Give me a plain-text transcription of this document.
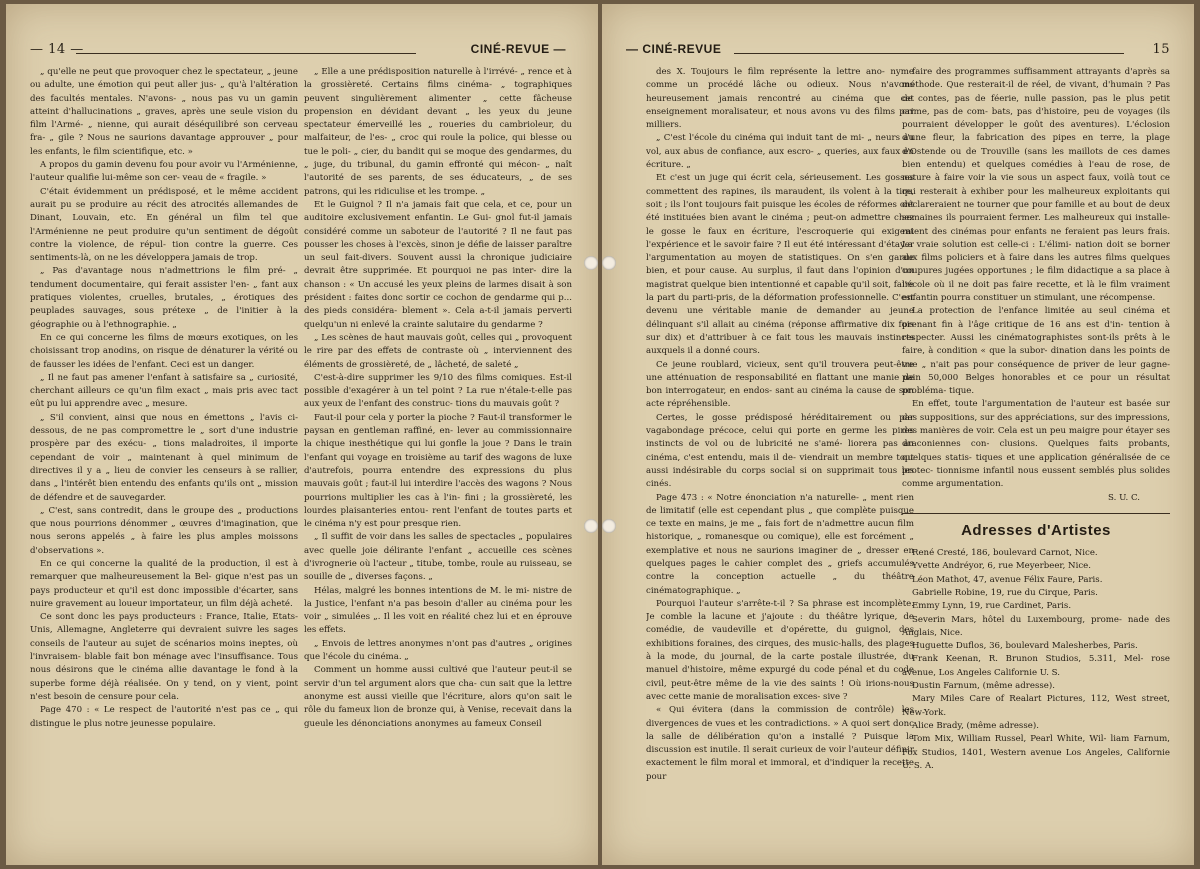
— 14 —	CINÉ-REVUE —

„ qu'elle ne peut que provoquer chez le spectateur, „ jeune ou adulte, une émotion qui peut aller jus- „ qu'à l'altération des facultés mentales. N'avons- „ nous pas vu un gamin atteint d'hallucinations „ graves, après une seule vision du film l'Armé- „ nienne, qui aurait déséquilibré son cerveau fra- „ gile ? Nous ne saurions davantage approuver „ pour les enfants, le film scientifique, etc. »

A propos du gamin devenu fou pour avoir vu l'Arménienne, l'auteur qualifie lui-même son cer- veau de « fragile. »

C'était évidemment un prédisposé, et le même accident aurait pu se produire au récit des atrocités allemandes de Dinant, Louvain, etc. En général un film tel que l'Arménienne ne peut produire qu'un sentiment de dégoût contre la violence, de répul- tion contre la guerre. Ces sentiments-là, on ne les développera jamais de trop.

„ Pas d'avantage nous n'admettrions le film pré- „ tendument documentaire, qui ferait assister l'en- „ fant aux pratiques violentes, cruelles, brutales, „ érotiques des peuplades sauvages, sous prétexe „ de l'initier à la géographie ou à l'ethnographie. „

En ce qui concerne les films de mœurs exotiques, on les choisissant trop anodins, on risque de dénaturer la vérité ou de fausser les idées de l'enfant. Ceci est un danger.

„ Il ne faut pas amener l'enfant à satisfaire sa „ curiosité, cherchant ailleurs ce qu'un film exact „ mais pris avec tact eût pu lui apprendre avec „ mesure.

„ S'il convient, ainsi que nous en émettons „ l'avis ci-dessous, de ne pas compromettre le „ sort d'une industrie prospère par des exécu- „ tions maladroites, il importe cependant de voir „ maintenant à quel minimum de directives il y a „ lieu de convier les censeurs à se rallier, dans „ l'intérêt bien entendu des enfants qu'ils ont „ mission de défendre et de sauvegarder.

„ C'est, sans contredit, dans le groupe des „ productions que nous pourrions dénommer „ œuvres d'imagination, que nous serons appelés „ à faire les plus amples moissons d'observations ».

En ce qui concerne la qualité de la production, il est à remarquer que malheureusement la Bel- gique n'est pas un pays producteur et qu'il est donc impossible d'écarter, sans nuire gravement au loueur importateur, un film déjà acheté.

Ce sont donc les pays producteurs : France, Italie, Etats-Unis, Allemagne, Angleterre qui devraient suivre les sages conseils de l'auteur au sujet de scénarios moins ineptes, où l'invraisem- blable fait bon ménage avec l'insuffisance. Tous nous désirons que le cinéma allie davantage le fond à la superbe forme déjà réalisée. On y tend, on y vient, point n'est besoin de censure pour cela.

Page 470 : « Le respect de l'autorité n'est pas ce „ qui distingue le plus notre jeunesse populaire.

„ Elle a une prédisposition naturelle à l'irrévé- „ rence et à la grossièreté. Certains films cinéma- „ tographiques peuvent singulièrement alimenter „ cette fâcheuse propension en dévidant devant „ les yeux du jeune spectateur émerveillé les „ roueries du cambrioleur, du malfaiteur, de l'es- „ croc qui roule la police, qui blesse ou tue le poli- „ cier, du bandit qui se moque des gendarmes, du „ juge, du tribunal, du gamin effronté qui mécon- „ naît l'autorité de ses parents, de ses éducateurs, „ de ses patrons, qui les ridiculise et les trompe. „

Et le Guignol ? Il n'a jamais fait que cela, et ce, pour un auditoire exclusivement enfantin. Le Gui- gnol fut-il jamais considéré comme un saboteur de l'autorité ? Il ne faut pas pousser les choses à l'excès, sinon je défie de laisser paraître un seul fait-divers. Souvent aussi la chronique judiciaire devrait être supprimée. Et pourquoi ne pas inter- dire la chanson : « Un accusé les yeux pleins de larmes disait à son président : faites donc sortir ce cochon de gendarme qui p... des pieds considéra- blement ». Cela a-t-il jamais perverti quelqu'un ni enlevé la crainte salutaire du gendarme ?

„ Les scènes de haut mauvais goût, celles qui „ provoquent le rire par des effets de contraste où „ interviennent des éléments de grossièreté, de „ lâcheté, de saleté „

C'est-à-dire supprimer les 9/10 des films comiques. Est-il possible d'exagérer à un tel point ? La rue n'étale-t-elle pas aux yeux de l'enfant des construc- tions du mauvais goût ?

Faut-il pour cela y porter la pioche ? Faut-il transformer le paysan en gentleman raffiné, en- lever au commissionnaire la chique inesthétique qui lui gonfle la joue ? Dans le train l'enfant qui voyage en troisième au tarif des wagons de luxe d'autrefois, pourra entendre des expressions du plus mauvais goût ; faut-il lui interdire l'accès des wagons ? Nous pourrions multiplier les cas à l'in- fini ; la grossièreté, les lourdes plaisanteries entou- rent l'enfant de toutes parts et le cinéma n'y est pour presque rien.

„ Il suffit de voir dans les salles de spectacles „ populaires avec quelle joie délirante l'enfant „ accueille ces scènes d'ivrognerie où l'acteur „ titube, tombe, roule au ruisseau, se souille de „ diverses façons. „

Hélas, malgré les bonnes intentions de M. le mi- nistre de la Justice, l'enfant n'a pas besoin d'aller au cinéma pour les voir „ simulées „. Il les voit en réalité chez lui et en éprouve les effets.

„ Envois de lettres anonymes n'ont pas d'autres „ origines que l'école du cinéma. „

Comment un homme aussi cultivé que l'auteur peut-il se servir d'un tel argument alors que cha- cun sait que la lettre anonyme est aussi vieille que l'écriture, alors qu'on sait le rôle du fameux lion de bronze qui, à Venise, recevait dans la gueule les dénonciations anonymes au fameux Conseil

— CINÉ-REVUE	15

des X. Toujours le film représente la lettre ano- nyme comme un procédé lâche ou odieux. Nous n'avons heureusement jamais rencontré au cinéma que cet enseignement moralisateur, et nous avons vu des films par milliers.

„ C'est l'école du cinéma qui induit tant de mi- „ neurs au vol, aux abus de confiance, aux escro- „ queries, aux faux en écriture. „

Et c'est un juge qui écrit cela, sérieusement. Les gosses commettent des rapines, ils maraudent, ils volent à la tire, soit ; ils l'ont toujours fait puisque les écoles de réformes ont été instituées bien avant le cinéma ; peut-on admettre chez le gosse le faux en écriture, l'escroquerie qui exigent l'expérience et le savoir faire ? Il eut été intéressant d'étayer l'argumentation au moyen de statistiques. On s'en garde bien, et pour cause. Au surplus, il faut dans l'opinion d'un magistrat quelque bien intentionné et capable qu'il soit, faire la part du parti-pris, de la déformation professionnelle. C'est devenu une véritable manie de demander au jeune délinquant s'il allait au cinéma (réponse affirmative dix fois sur dix) et d'attribuer à ce fait tous les mauvais instincts auxquels il a donné cours.

Ce jeune roublard, vicieux, sent qu'il trouvera peut-être une atténuation de responsabilité en flattant une manie de bon interrogateur, en endos- sant au cinéma la cause de son acte répréhensible.

Certes, le gosse prédisposé héréditairement ou par vagabondage précoce, celui qui porte en germe les pires instincts de vol ou de lubricité ne s'amé- liorera pas au cinéma, c'est entendu, mais il de- viendrait un membre tout aussi indésirable du corps social si on supprimait tous les cinés.

Page 473 : « Notre énonciation n'a naturelle- „ ment rien de limitatif (elle est cependant plus „ que complète puisque ce texte en mains, je me „ fais fort de n'admettre aucun film historique, „ romanesque ou comique), elle est forcément „ exemplative et nous ne saurions imaginer de „ dresser en quelques pages le cahier complet des „ griefs accumulés contre la conception actuelle „ du théâtre cinématographique. „

Pourquoi l'auteur s'arrête-t-il ? Sa phrase est incomplète. Je comble la lacune et j'ajoute : du théâtre lyrique, de comédie, de vaudeville et d'opérette, du guignol, des exhibitions foraines, des cirques, des music-halls, des plages à la mode, du journal, de la carte postale illustrée, du manuel d'histoire, même expurgé du code pénal et du code civil, peut-être même de la vie des saints ! Où irions-nous avec cette manie de moralisation exces- sive ?

« Qui évitera (dans la commission de contrôle) les divergences de vues et les contradictions. » A quoi sert donc la salle de délibération qu'on a installé ? Puisque la discussion est inutile. Il serait curieux de voir l'auteur définir exactement le film moral et immoral, et d'indiquer la recette pour

faire des programmes suffisamment attrayants d'après sa méthode. Que resterait-il de réel, de vivant, d'humain ? Pas de contes, pas de féerie, nulle passion, pas le plus petit crime, pas de com- bats, pas d'histoire, peu de voyages (ils pourraient développer le goût des aventures). L'éclosion d'une fleur, la fabrication des pipes en terre, la plage d'Ostende ou de Trouville (sans les maillots de ces dames bien entendu) et quelques comédies à l'eau de rose, de nature à faire voir la vie sous un aspect faux, voilà tout ce qui resterait à exhiber pour les malheureux exploitants qui déclareraient ne tourner que pour famille et au bout de deux semaines ils pourraient fermer. Les malheureux qui installe- raient des cinémas pour enfants ne feraient pas leurs frais. La vraie solution est celle-ci : L'élimi- nation doit se borner aux films policiers et à faire dans les autres films quelques coupures jugées opportunes ; le film didactique a sa place à l'école où il ne doit pas faire recette, et là le film vraiment enfantin pourra constituer un stimulant, une récompense.

La protection de l'enfance limitée au seul cinéma et prenant fin à l'âge critique de 16 ans est d'in- tention à respecter. Aussi les cinématographistes sont-ils prêts à le faire, à condition « que la subor- dination dans les points de vue „ n'ait pas pour conséquence de priver de leur gagne-pain 50,000 Belges honorables et ce pour un résultat probléma- tique.

En effet, toute l'argumentation de l'auteur est basée sur des suppositions, sur des appréciations, sur des impressions, des manières de voir. Cela est un peu maigre pour étayer ses draconiennes con- clusions. Quelques faits probants, quelques statis- tiques et une application généralisée de ce protec- tionnisme infantil nous eussent semblés plus solides comme argumentation.

S. U. C.

Adresses d'Artistes

René Cresté, 186, boulevard Carnot, Nice.

Yvette Andréyor, 6, rue Meyerbeer, Nice.

Léon Mathot, 47, avenue Félix Faure, Paris.

Gabrielle Robine, 19, rue du Cirque, Paris.

Emmy Lynn, 19, rue Cardinet, Paris.

Severin Mars, hôtel du Luxembourg, prome- nade des Anglais, Nice.

Huguette Duflos, 36, boulevard Malesherbes, Paris.

Frank Keenan, R. Brunon Studios, 5.311, Mel- rose avenue, Los Angeles Californie U. S.

Dustin Farnum, (même adresse).

Mary Miles Care of Realart Pictures, 112, West street, New-York.

Alice Brady, (même adresse).

Tom Mix, William Russel, Pearl White, Wil- liam Farnum, Fox Studios, 1401, Western avenue Los Angeles, Californie U. S. A.
